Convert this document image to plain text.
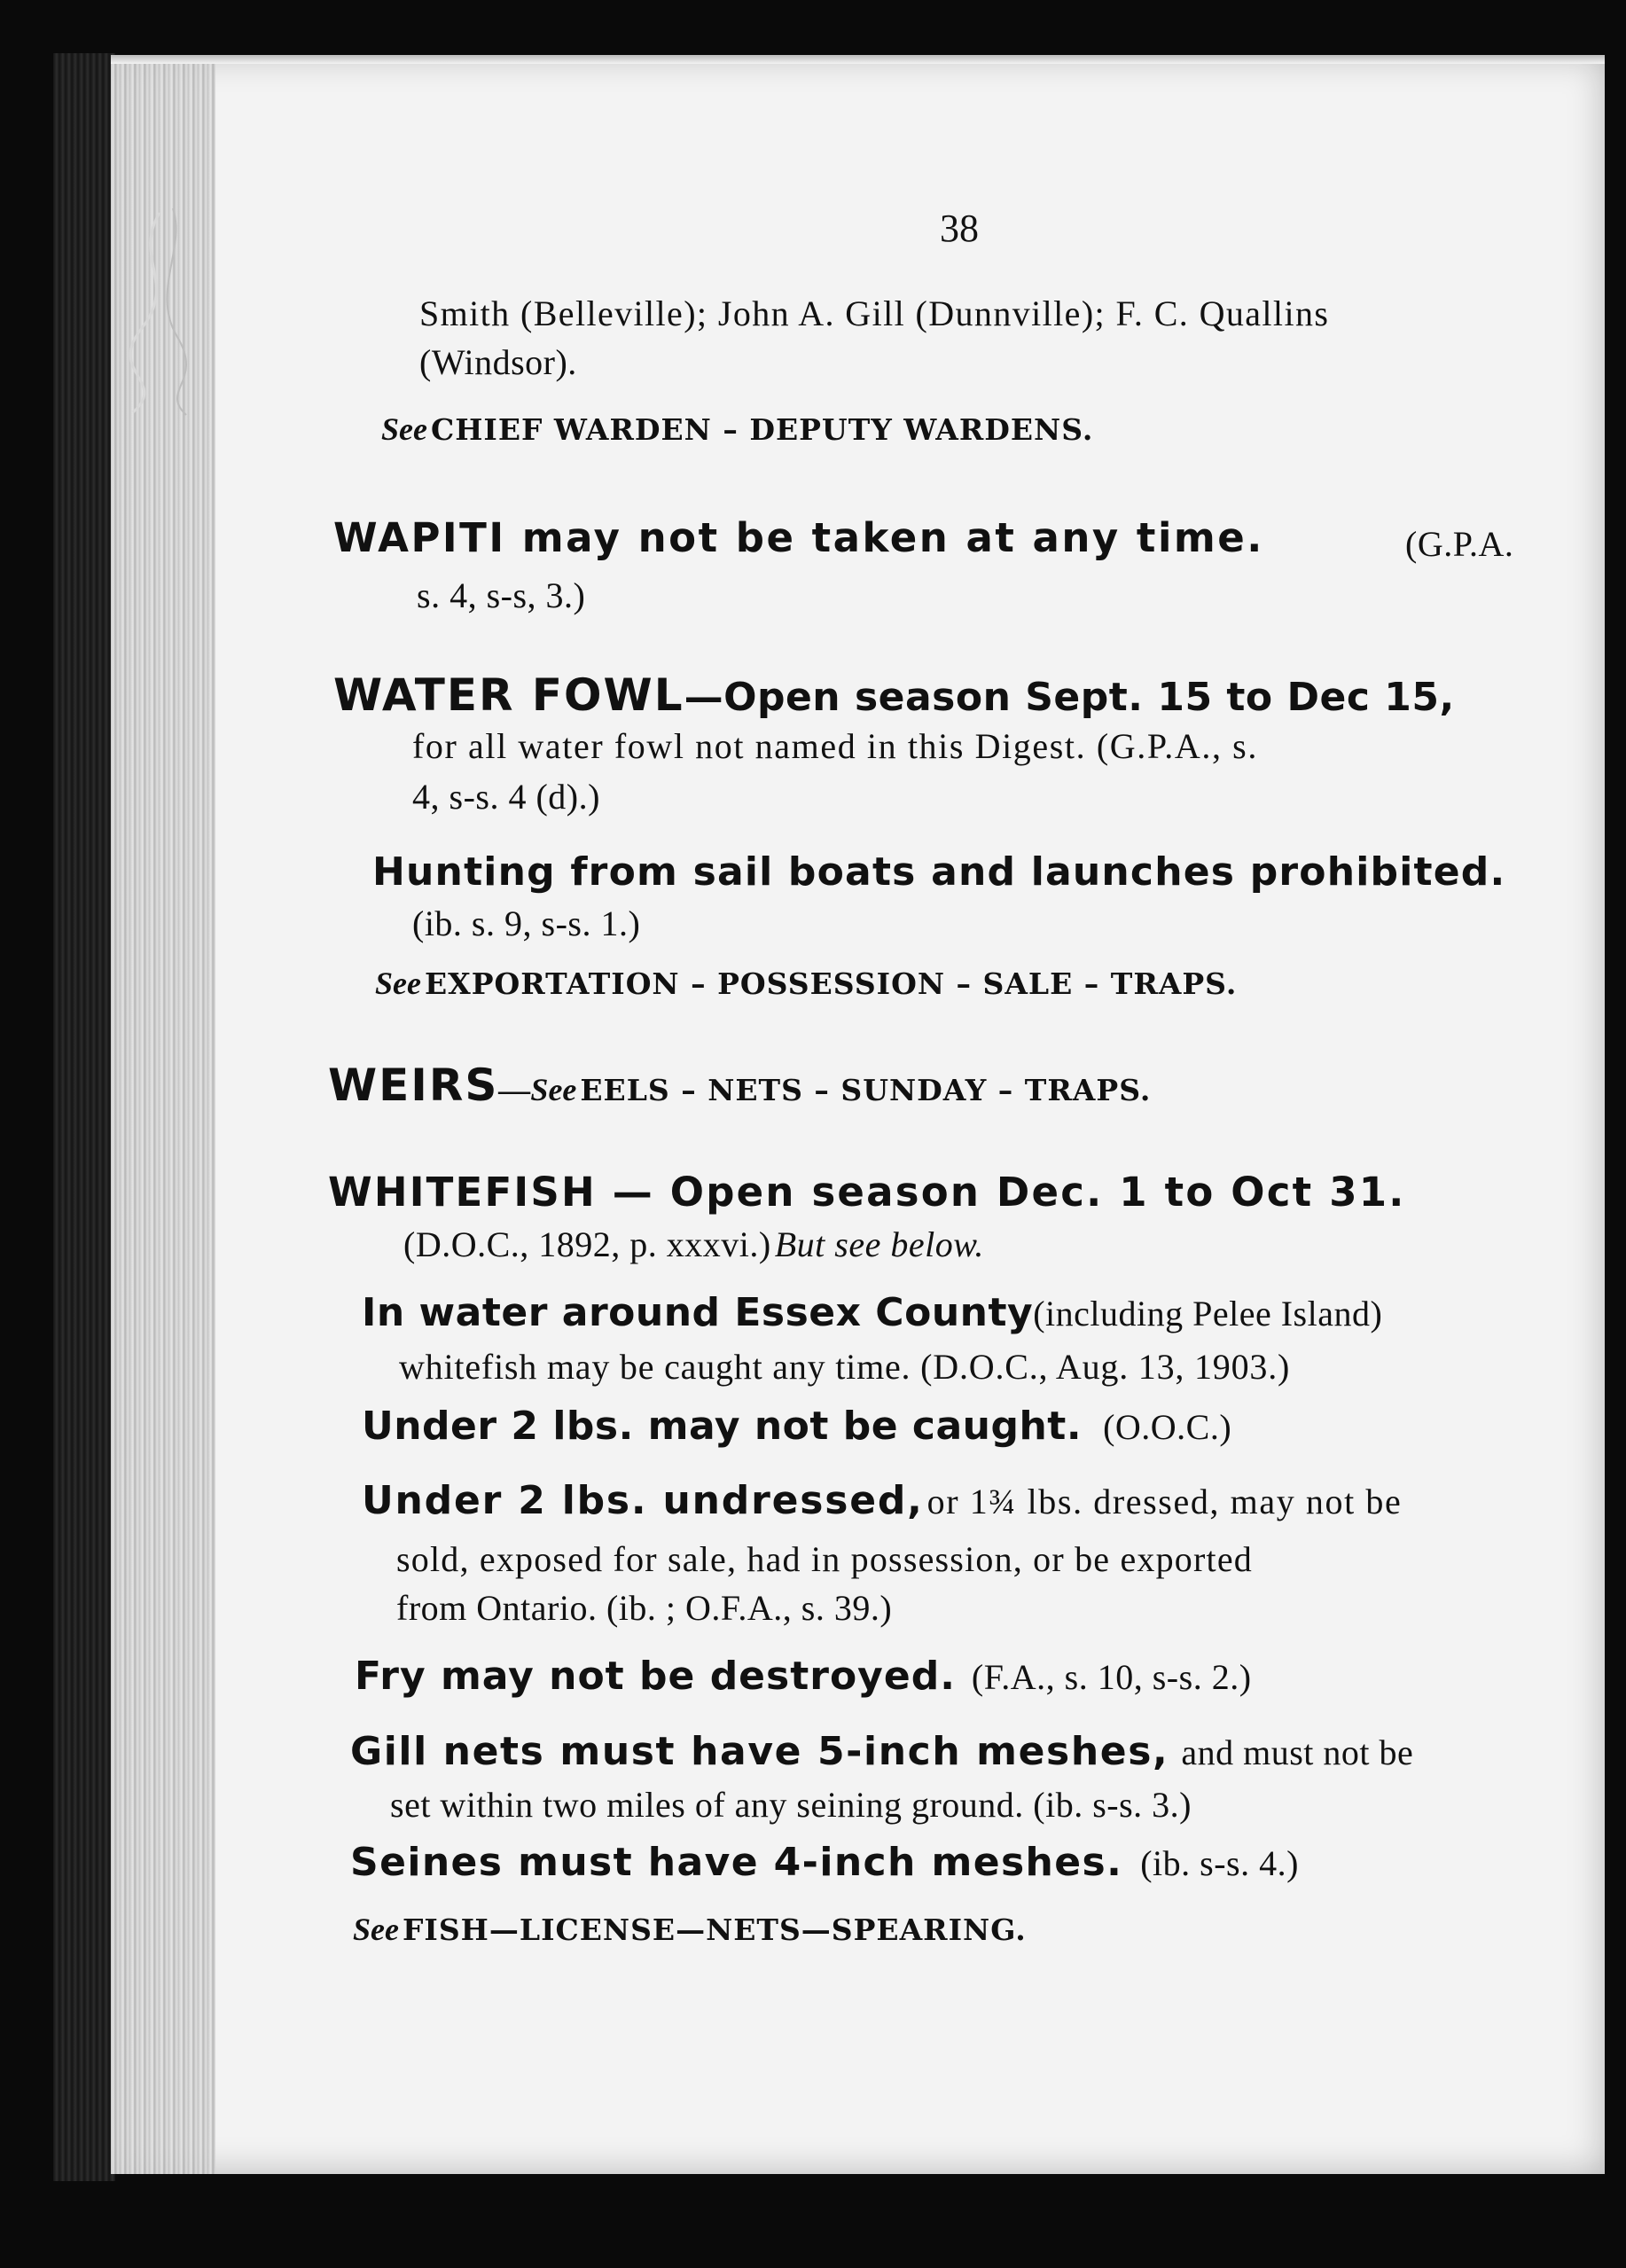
38
Smith (Belleville); John A. Gill (Dunnville); F. C. Quallins
(Windsor).
See CHIEF WARDEN – DEPUTY WARDENS.
WAPITI may not be taken at any time.	(G.P.A.
s. 4, s-s, 3.)
WATER FOWL—Open season Sept. 15 to Dec 15,
for all water fowl not named in this Digest. (G.P.A., s.
4, s-s. 4 (d).)
Hunting from sail boats and launches prohibited.
(ib. s. 9, s-s. 1.)
See EXPORTATION – POSSESSION – SALE – TRAPS.
WEIRS—See EELS – NETS – SUNDAY – TRAPS.
WHITEFISH — Open season Dec. 1 to Oct 31.
(D.O.C., 1892, p. xxxvi.) But see below.
In water around Essex County(including Pelee Island)
whitefish may be caught any time. (D.O.C., Aug. 13, 1903.)
Under 2 lbs. may not be caught. (O.O.C.)
Under 2 lbs. undressed, or 1¾ lbs. dressed, may not be
sold, exposed for sale, had in possession, or be exported
from Ontario. (ib. ; O.F.A., s. 39.)
Fry may not be destroyed. (F.A., s. 10, s-s. 2.)
Gill nets must have 5-inch meshes, and must not be
set within two miles of any seining ground. (ib. s-s. 3.)
Seines must have 4-inch meshes. (ib. s-s. 4.)
See FISH—LICENSE—NETS—SPEARING.
